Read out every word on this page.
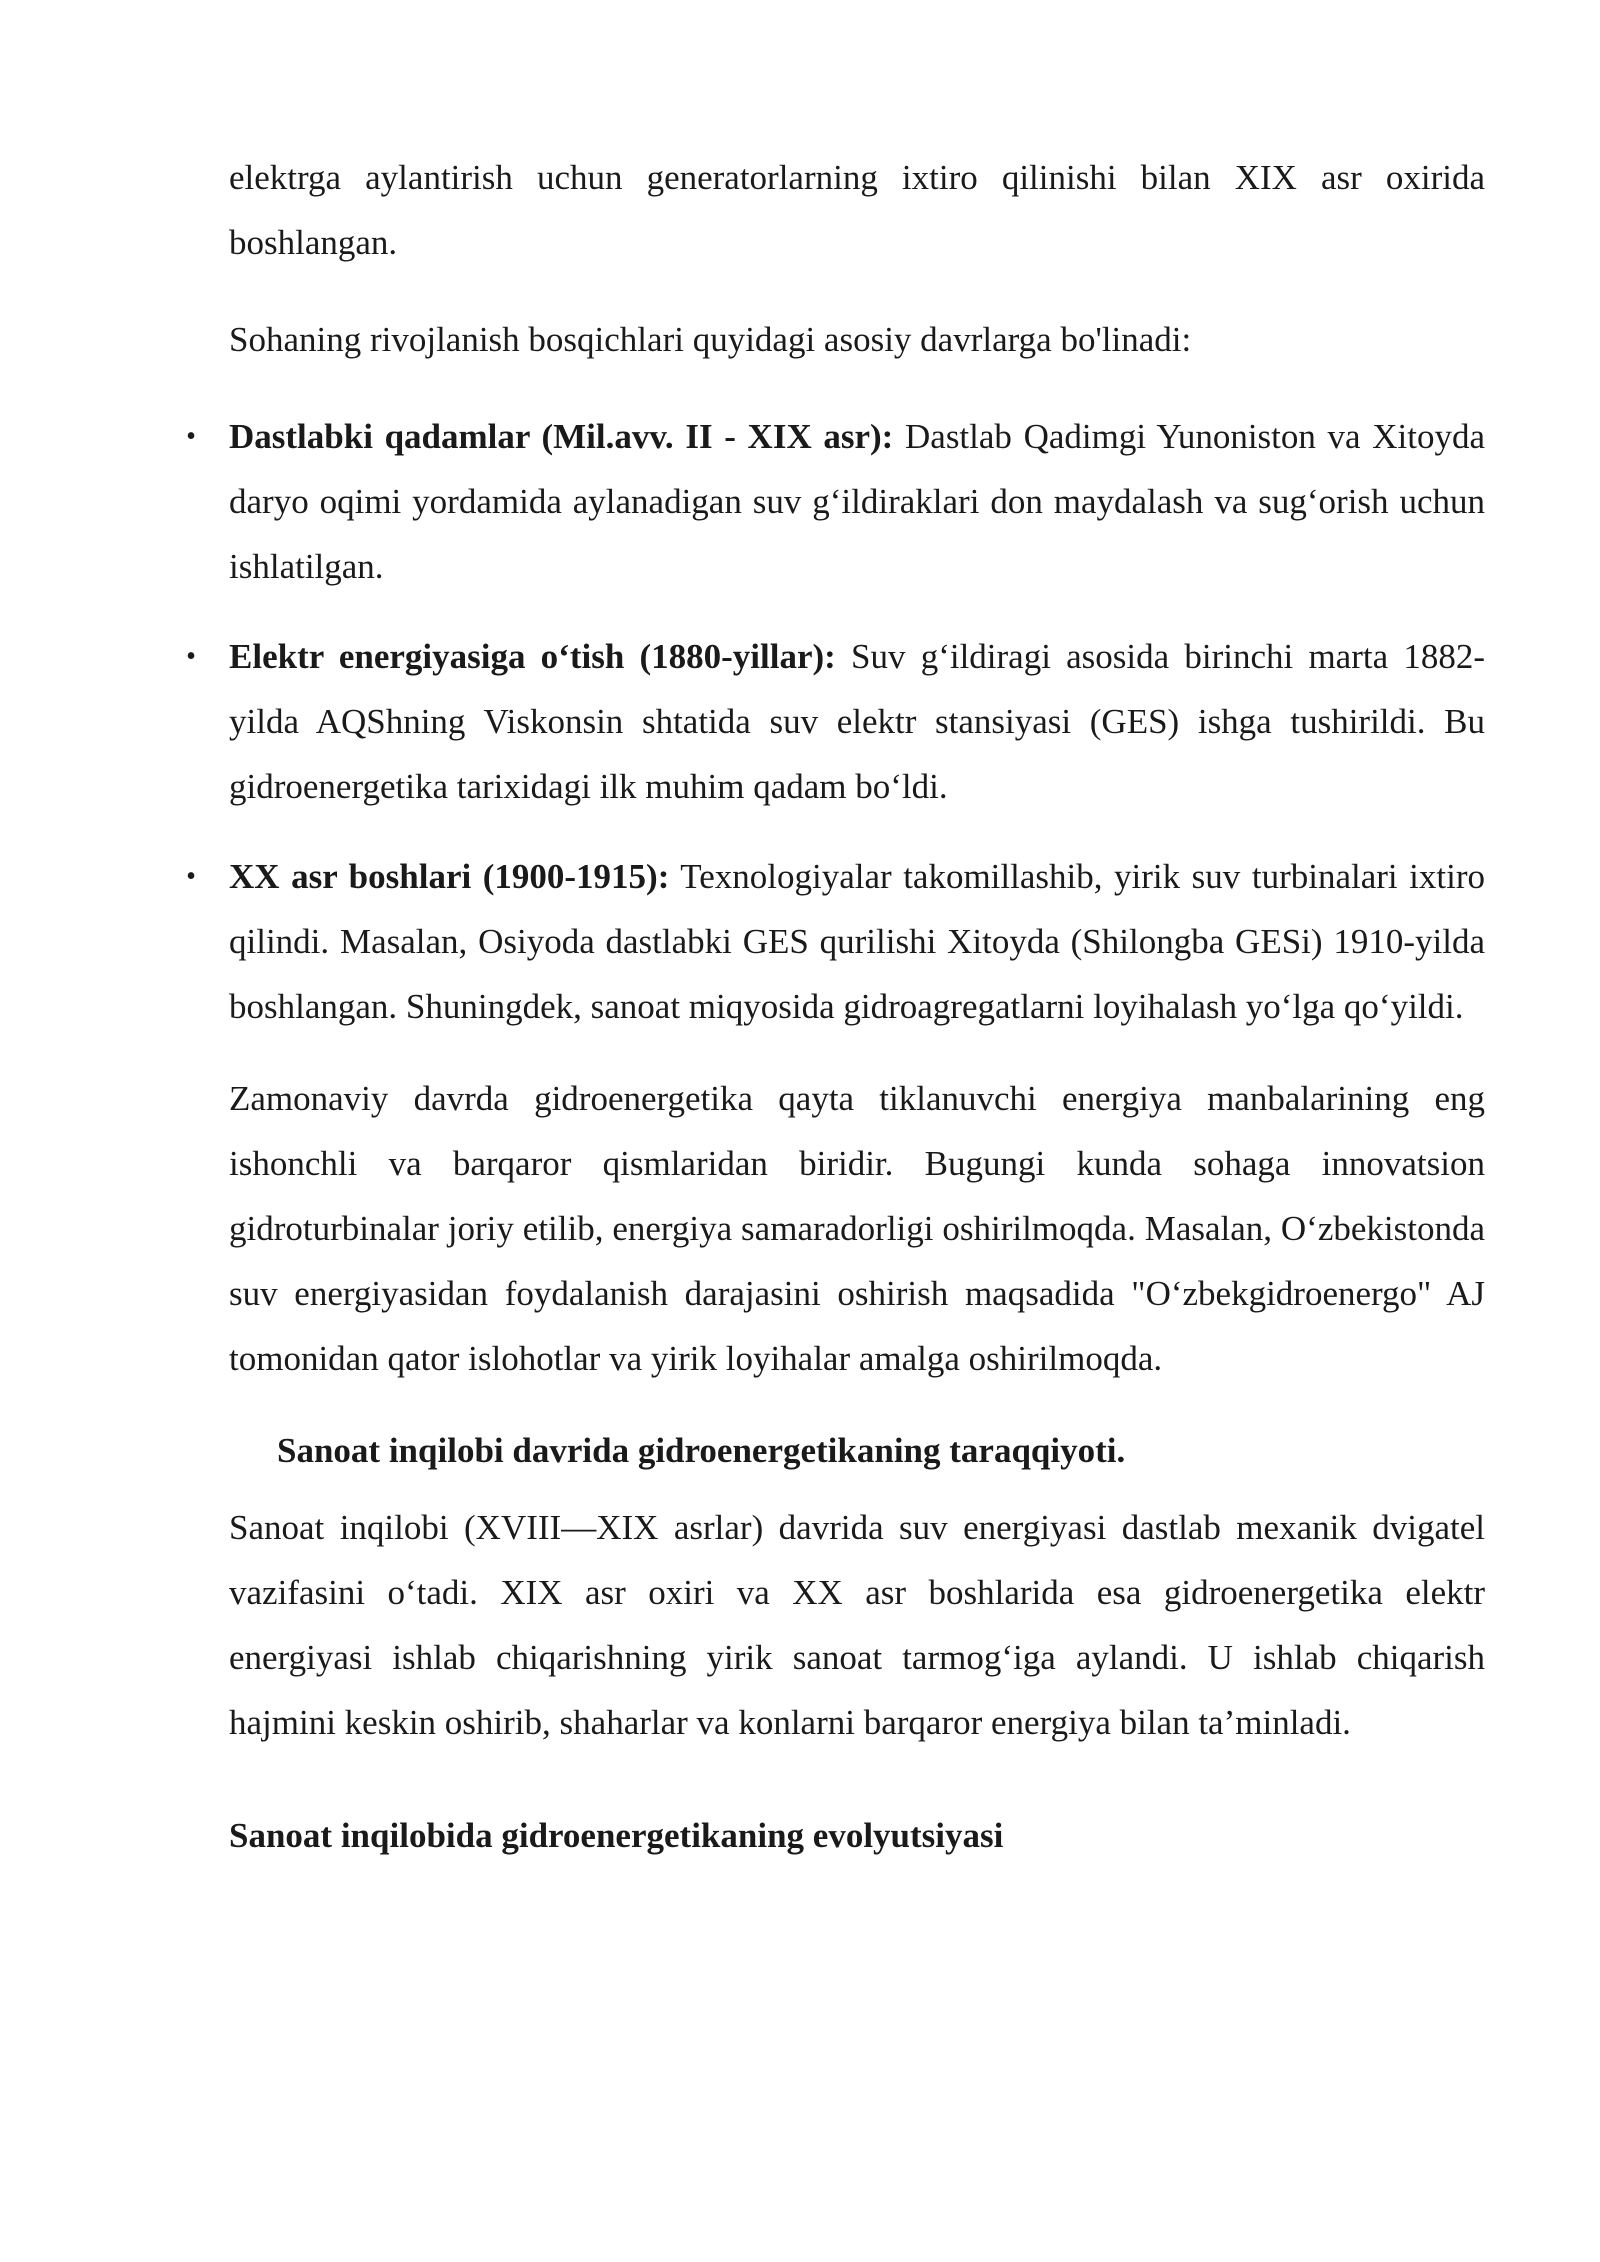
elektrga aylantirish uchun generatorlarning ixtiro qilinishi bilan XIX asr oxirida boshlangan.

Sohaning rivojlanish bosqichlari quyidagi asosiy davrlarga bo'linadi:

• Dastlabki qadamlar (Mil.avv. II - XIX asr): Dastlab Qadimgi Yunoniston va Xitoyda daryo oqimi yordamida aylanadigan suv g‘ildiraklari don maydalash va sug‘orish uchun ishlatilgan.
• Elektr energiyasiga o‘tish (1880-yillar): Suv g‘ildiragi asosida birinchi marta 1882-yilda AQShning Viskonsin shtatida suv elektr stansiyasi (GES) ishga tushirildi. Bu gidroenergetika tarixidagi ilk muhim qadam bo‘ldi.
• XX asr boshlari (1900-1915): Texnologiyalar takomillashib, yirik suv turbinalari ixtiro qilindi. Masalan, Osiyoda dastlabki GES qurilishi Xitoyda (Shilongba GESi) 1910-yilda boshlangan. Shuningdek, sanoat miqyosida gidroagregatlarni loyihalash yo‘lga qo‘yildi.

Zamonaviy davrda gidroenergetika qayta tiklanuvchi energiya manbalarining eng ishonchli va barqaror qismlaridan biridir. Bugungi kunda sohaga innovatsion gidroturbinalar joriy etilib, energiya samaradorligi oshirilmoqda. Masalan, O‘zbekistonda suv energiyasidan foydalanish darajasini oshirish maqsadida "O‘zbekgidroenergo" AJ tomonidan qator islohotlar va yirik loyihalar amalga oshirilmoqda.

Sanoat inqilobi davrida gidroenergetikaning taraqqiyoti.

Sanoat inqilobi (XVIII—XIX asrlar) davrida suv energiyasi dastlab mexanik dvigatel vazifasini o‘tadi. XIX asr oxiri va XX asr boshlarida esa gidroenergetika elektr energiyasi ishlab chiqarishning yirik sanoat tarmog‘iga aylandi. U ishlab chiqarish hajmini keskin oshirib, shaharlar va konlarni barqaror energiya bilan ta’minladi.

Sanoat inqilobida gidroenergetikaning evolyutsiyasi
